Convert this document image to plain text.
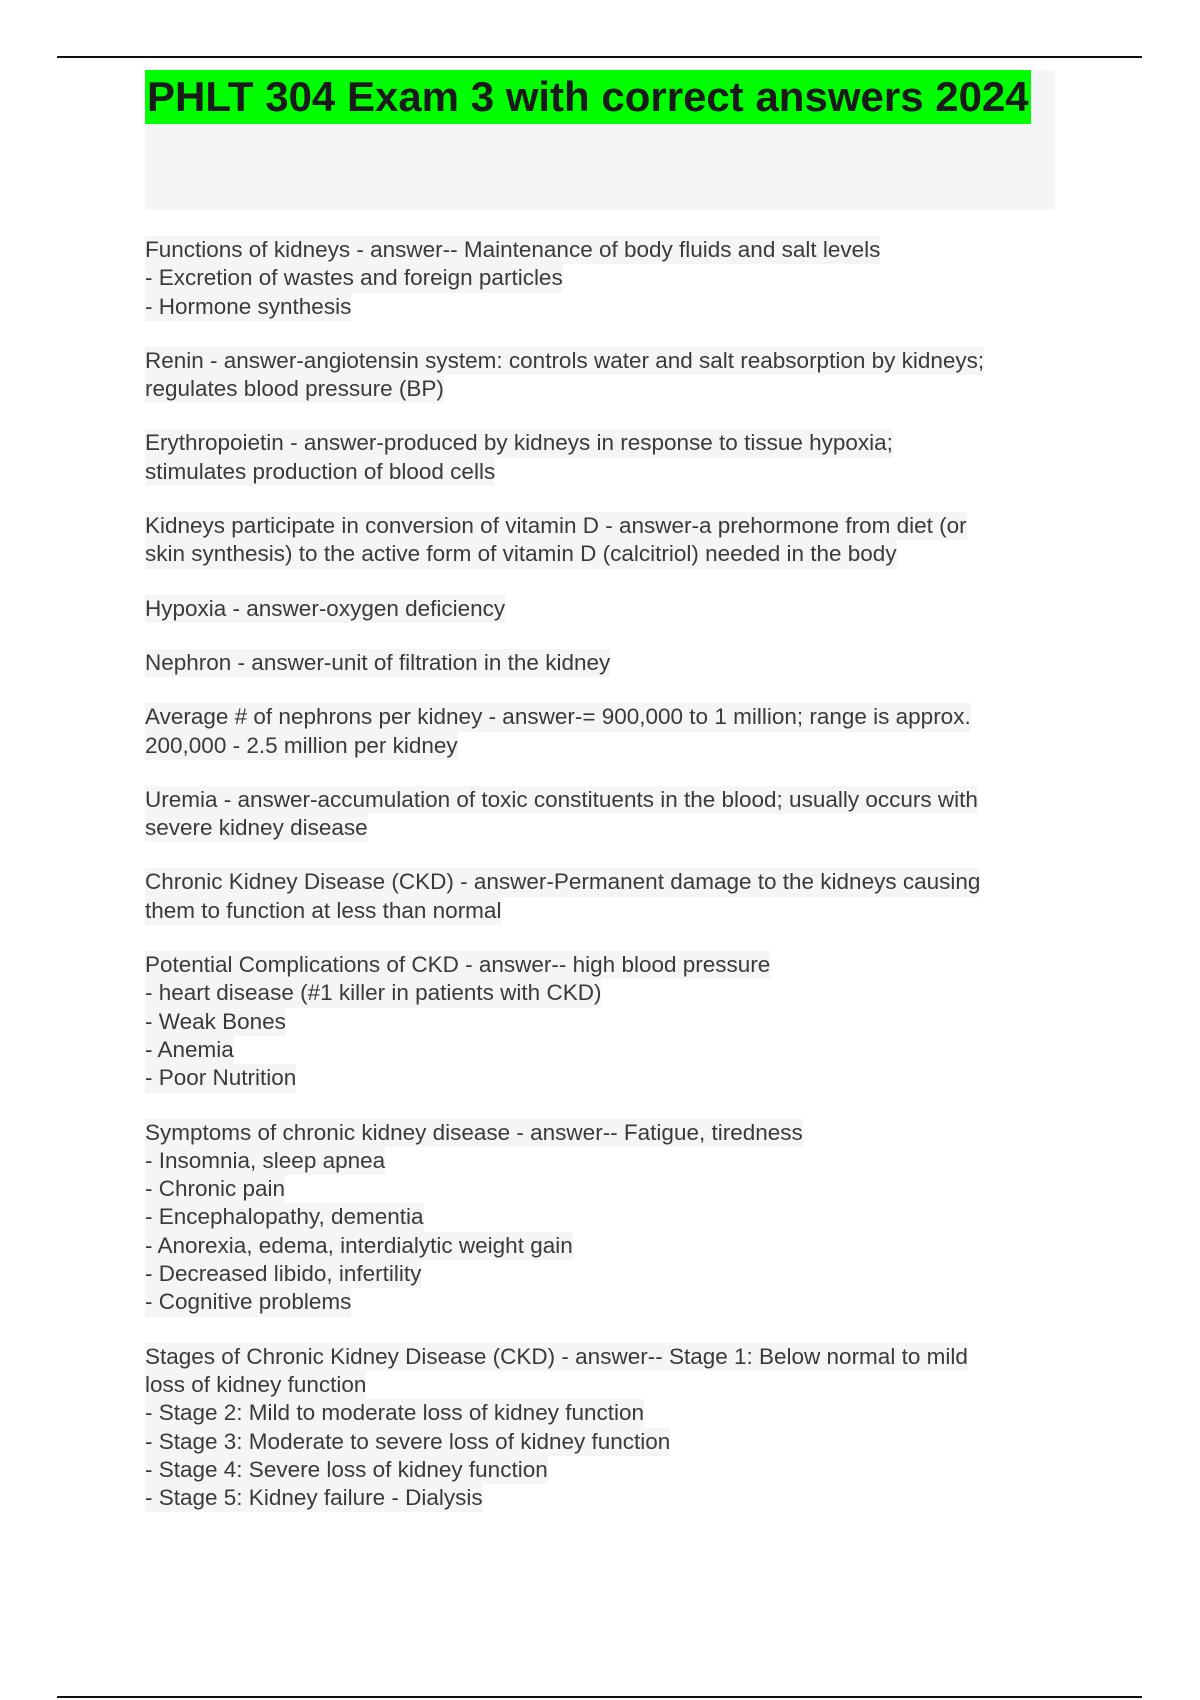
PHLT 304 Exam 3 with correct answers 2024
Functions of kidneys - answer-- Maintenance of body fluids and salt levels
- Excretion of wastes and foreign particles
- Hormone synthesis
Renin - answer-angiotensin system: controls water and salt reabsorption by kidneys;
regulates blood pressure (BP)
Erythropoietin - answer-produced by kidneys in response to tissue hypoxia;
stimulates production of blood cells
Kidneys participate in conversion of vitamin D - answer-a prehormone from diet (or
skin synthesis) to the active form of vitamin D (calcitriol) needed in the body
Hypoxia - answer-oxygen deficiency
Nephron - answer-unit of filtration in the kidney
Average # of nephrons per kidney - answer-= 900,000 to 1 million; range is approx.
200,000 - 2.5 million per kidney
Uremia - answer-accumulation of toxic constituents in the blood; usually occurs with
severe kidney disease
Chronic Kidney Disease (CKD) - answer-Permanent damage to the kidneys causing
them to function at less than normal
Potential Complications of CKD - answer-- high blood pressure
- heart disease (#1 killer in patients with CKD)
- Weak Bones
- Anemia
- Poor Nutrition
Symptoms of chronic kidney disease - answer-- Fatigue, tiredness
- Insomnia, sleep apnea
- Chronic pain
- Encephalopathy, dementia
- Anorexia, edema, interdialytic weight gain
- Decreased libido, infertility
- Cognitive problems
Stages of Chronic Kidney Disease (CKD) - answer-- Stage 1: Below normal to mild
loss of kidney function
- Stage 2: Mild to moderate loss of kidney function
- Stage 3: Moderate to severe loss of kidney function
- Stage 4: Severe loss of kidney function
- Stage 5: Kidney failure - Dialysis
